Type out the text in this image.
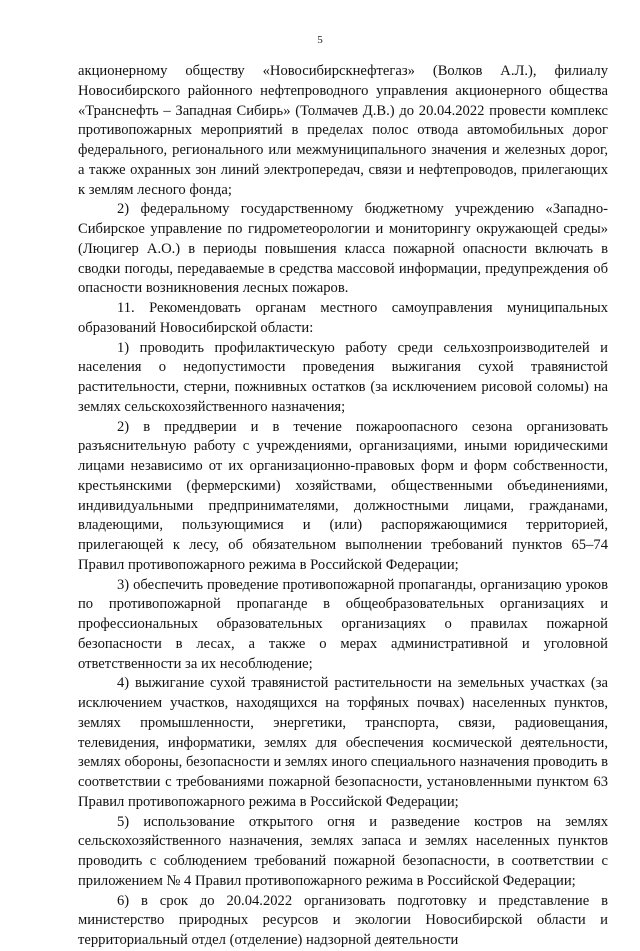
5

акционерному обществу «Новосибирскнефтегаз» (Волков А.Л.), филиалу Новосибирского районного нефтепроводного управления акционерного общества «Транснефть – Западная Сибирь» (Толмачев Д.В.) до 20.04.2022 провести комплекс противопожарных мероприятий в пределах полос отвода автомобильных дорог федерального, регионального или межмуниципального значения и железных дорог, а также охранных зон линий электропередач, связи и нефтепроводов, прилегающих к землям лесного фонда;

2) федеральному государственному бюджетному учреждению «Западно-Сибирское управление по гидрометеорологии и мониторингу окружающей среды» (Люцигер А.О.) в периоды повышения класса пожарной опасности включать в сводки погоды, передаваемые в средства массовой информации, предупреждения об опасности возникновения лесных пожаров.

11. Рекомендовать органам местного самоуправления муниципальных образований Новосибирской области:

1) проводить профилактическую работу среди сельхозпроизводителей и населения о недопустимости проведения выжигания сухой травянистой растительности, стерни, пожнивных остатков (за исключением рисовой соломы) на землях сельскохозяйственного назначения;

2) в преддверии и в течение пожароопасного сезона организовать разъяснительную работу с учреждениями, организациями, иными юридическими лицами независимо от их организационно-правовых форм и форм собственности, крестьянскими (фермерскими) хозяйствами, общественными объединениями, индивидуальными предпринимателями, должностными лицами, гражданами, владеющими, пользующимися и (или) распоряжающимися территорией, прилегающей к лесу, об обязательном выполнении требований пунктов 65–74 Правил противопожарного режима в Российской Федерации;

3) обеспечить проведение противопожарной пропаганды, организацию уроков по противопожарной пропаганде в общеобразовательных организациях и профессиональных образовательных организациях о правилах пожарной безопасности в лесах, а также о мерах административной и уголовной ответственности за их несоблюдение;

4) выжигание сухой травянистой растительности на земельных участках (за исключением участков, находящихся на торфяных почвах) населенных пунктов, землях промышленности, энергетики, транспорта, связи, радиовещания, телевидения, информатики, землях для обеспечения космической деятельности, землях обороны, безопасности и землях иного специального назначения проводить в соответствии с требованиями пожарной безопасности, установленными пунктом 63 Правил противопожарного режима в Российской Федерации;

5) использование открытого огня и разведение костров на землях сельскохозяйственного назначения, землях запаса и землях населенных пунктов проводить с соблюдением требований пожарной безопасности, в соответствии с приложением № 4 Правил противопожарного режима в Российской Федерации;

6) в срок до 20.04.2022 организовать подготовку и представление в министерство природных ресурсов и экологии Новосибирской области и территориальный отдел (отделение) надзорной деятельности
